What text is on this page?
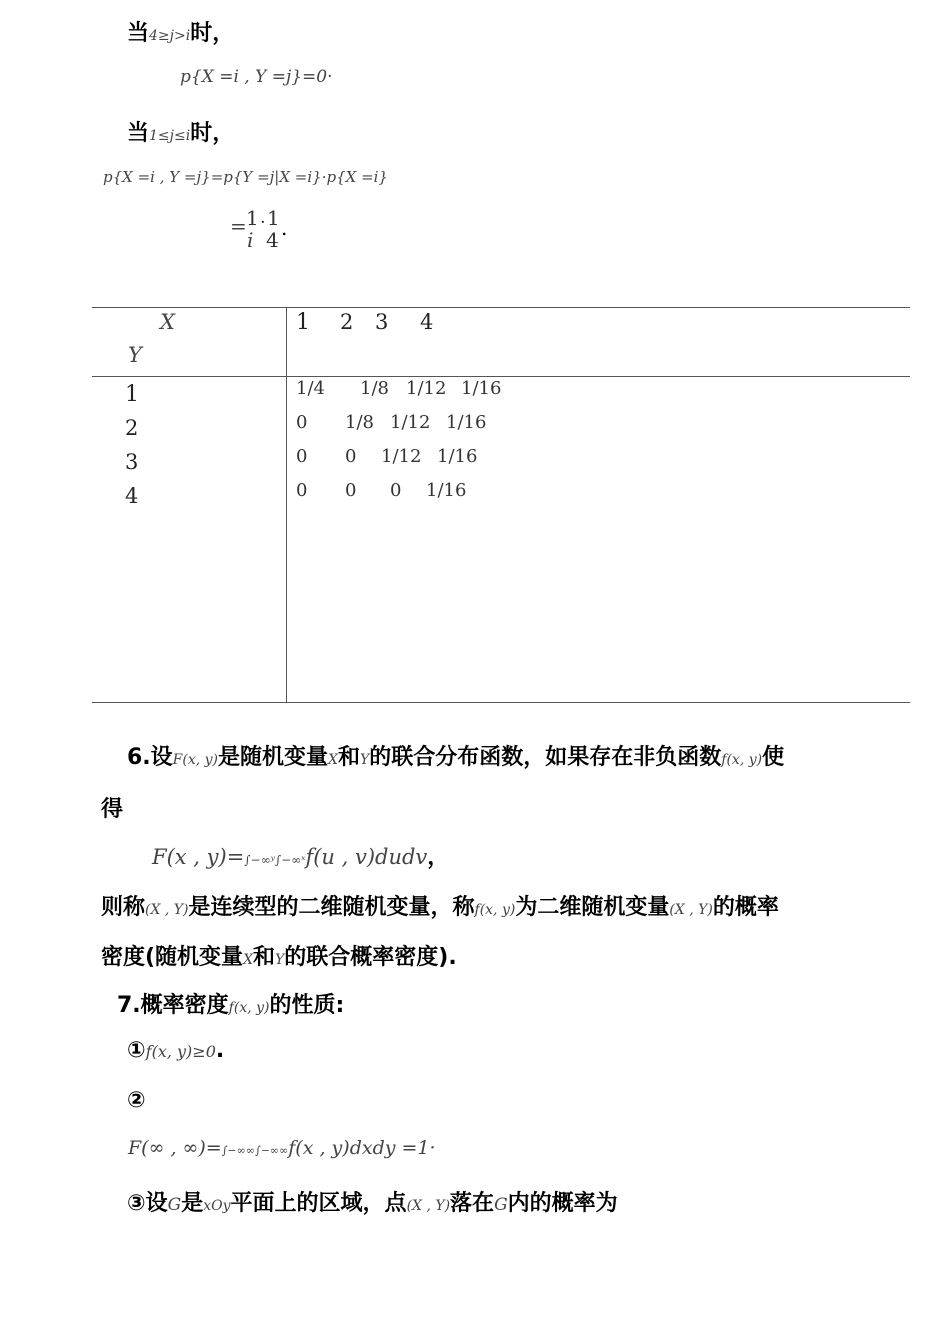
当4≥j>i时，
p{X =i , Y =j}=0·
当1≤j≤i时，
p{X =i , Y =j}=p{Y =j|X =i}·p{X =i}
= 1
i
· 1
4 .
X
Y
1 2 3 4
1	1/4 1/8 1/12 1/16
2	0 1/8 1/12 1/16
3	0 0 1/12 1/16
4	0 0 0 1/16
6.设F(x, y)是随机变量X和Y的联合分布函数，如果存在非负函数f(x, y)使
得
F(x , y)=∫−∞ʸ∫−∞ˣf(u , v)dudv，
则称(X , Y)是连续型的二维随机变量，称f(x, y)为二维随机变量(X , Y)的概率
密度(随机变量X和Y的联合概率密度).
7.概率密度f(x, y)的性质:
①f(x, y)≥0.
②
F(∞ , ∞)=∫−∞∞∫−∞∞f(x , y)dxdy =1·
③设G是xOy平面上的区域，点(X , Y)落在G内的概率为
